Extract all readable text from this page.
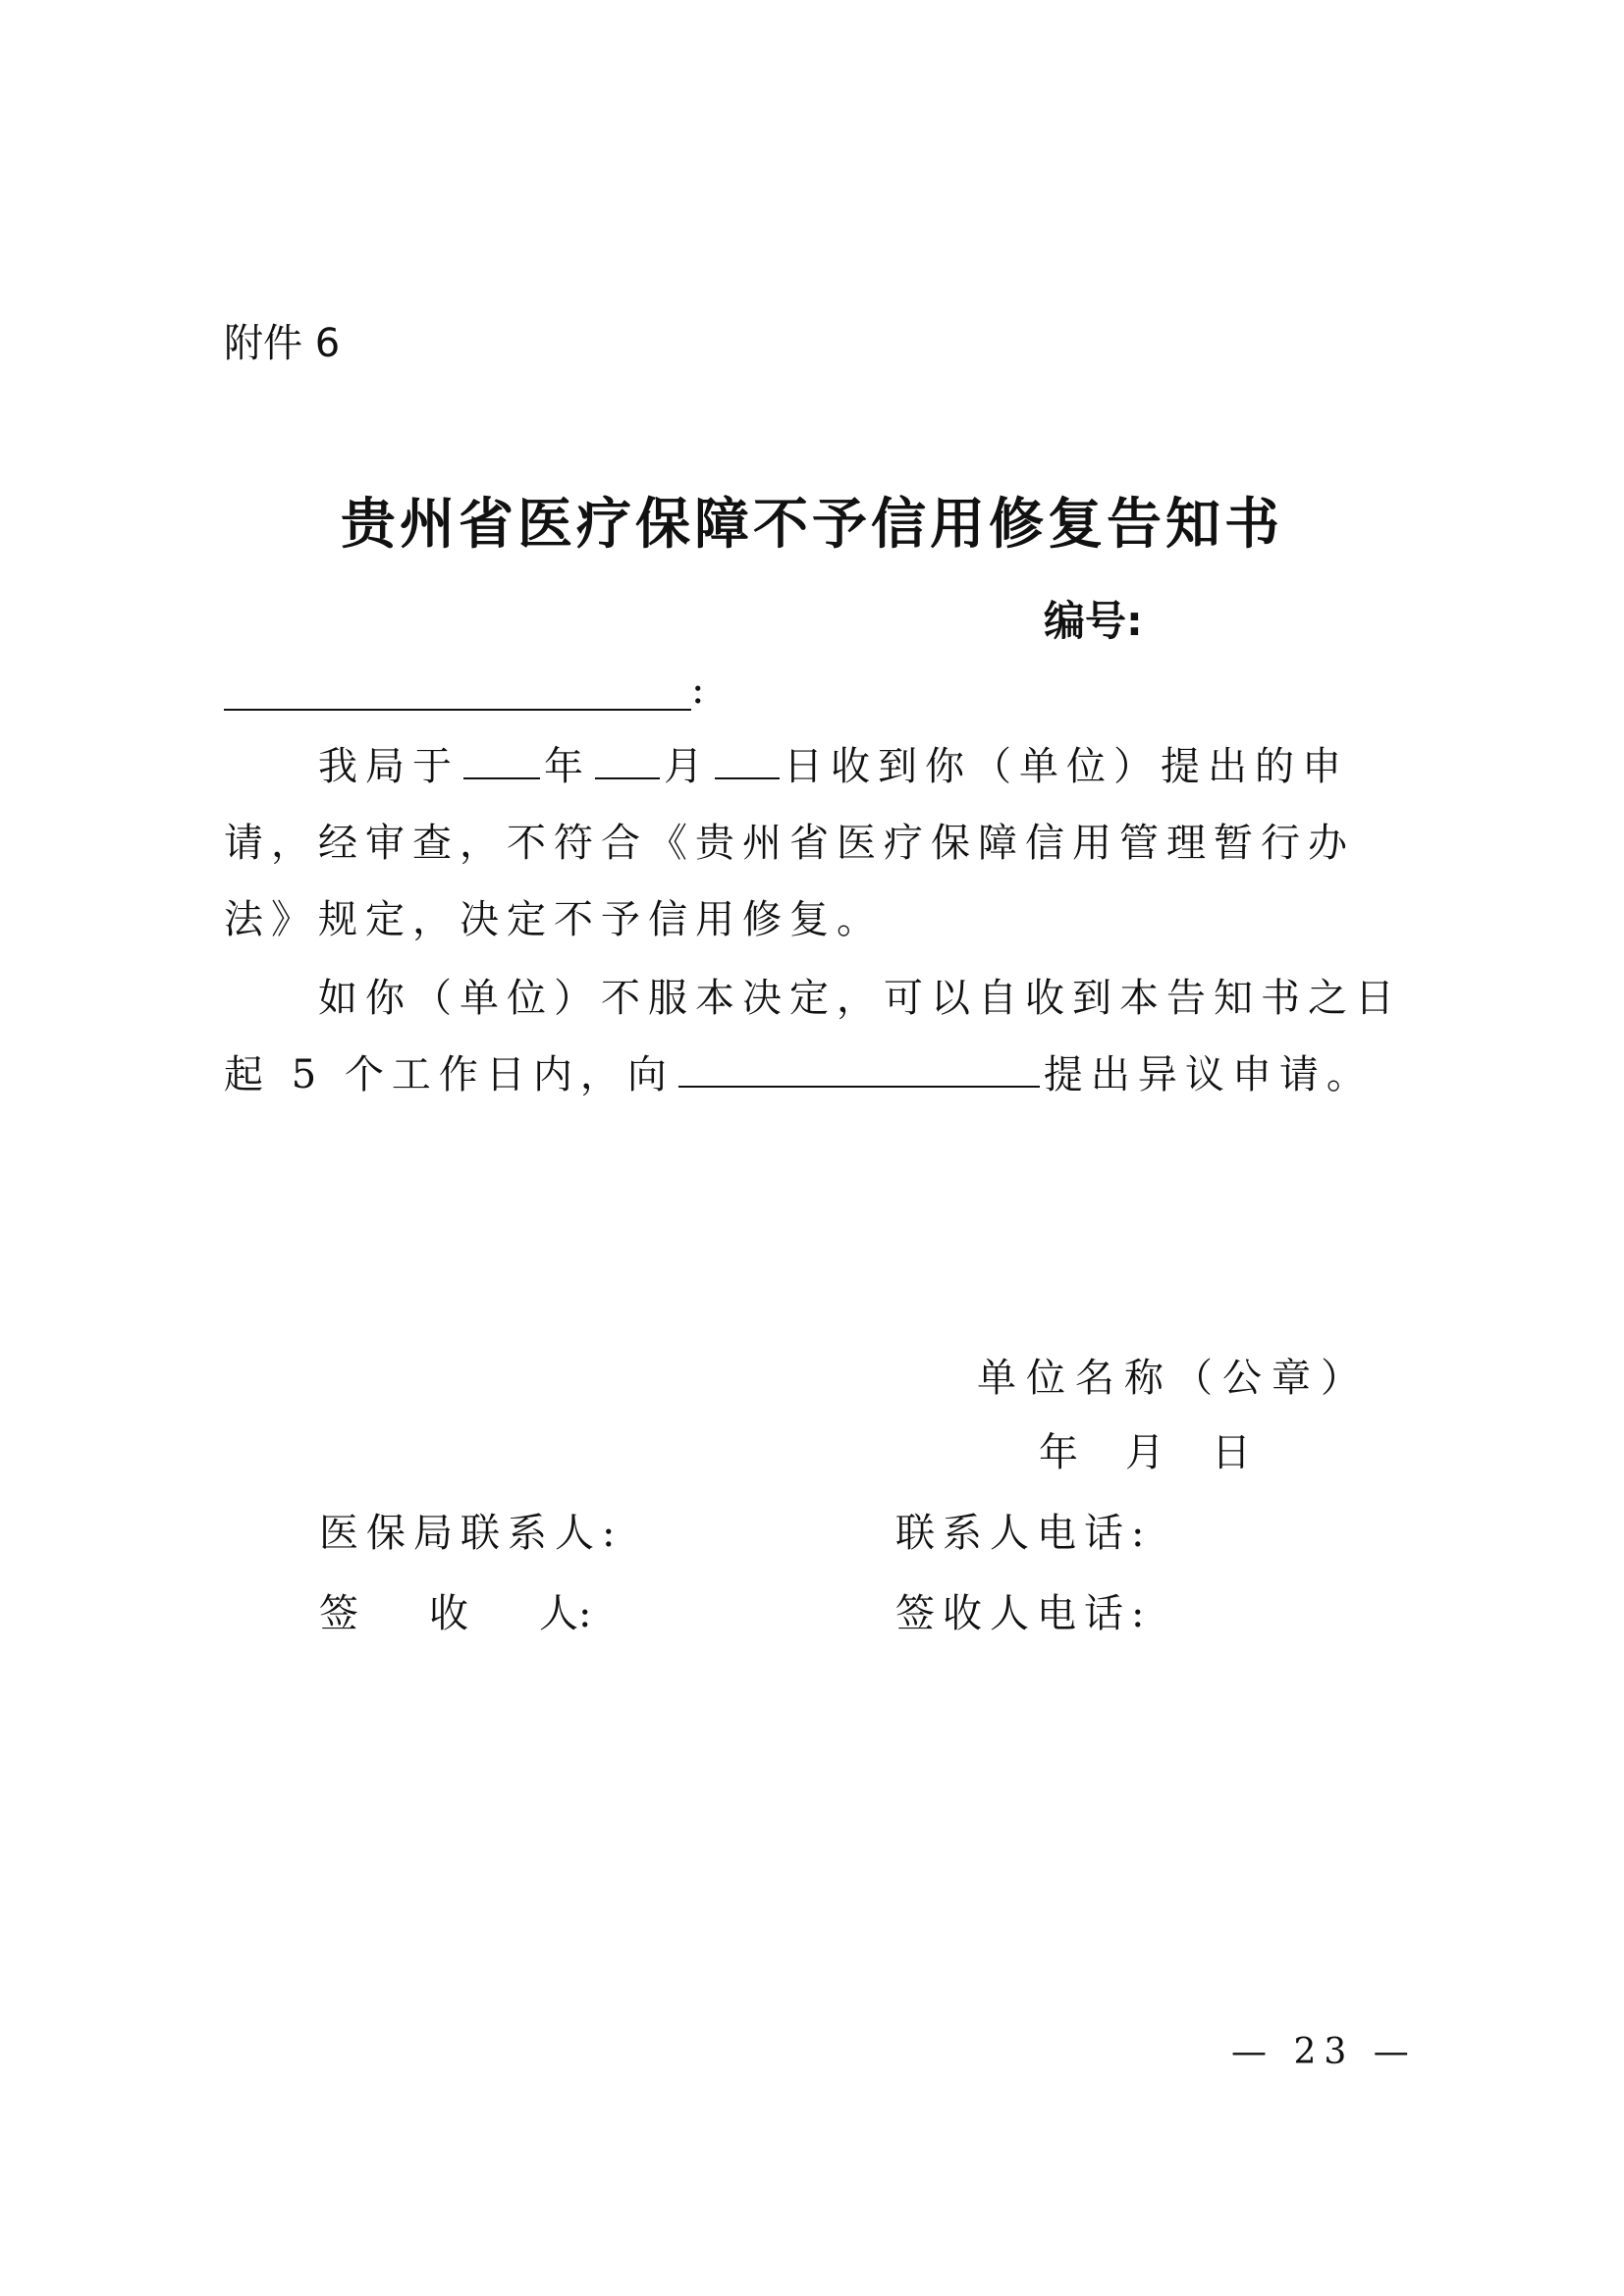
附件 6
贵州省医疗保障不予信用修复告知书
编号:
:
我局于 年 月 日收到你（单位）提出的申请，经审查，不符合《贵州省医疗保障信用管理暂行办法》规定，决定不予信用修复。
如你（单位）不服本决定，可以自收到本告知书之日起 5 个工作日内，向	提出异议申请。
单位名称（公章）
年 月 日
医保局联系人:	联系人电话:
签 收 人:	签收人电话:
— 23 —
